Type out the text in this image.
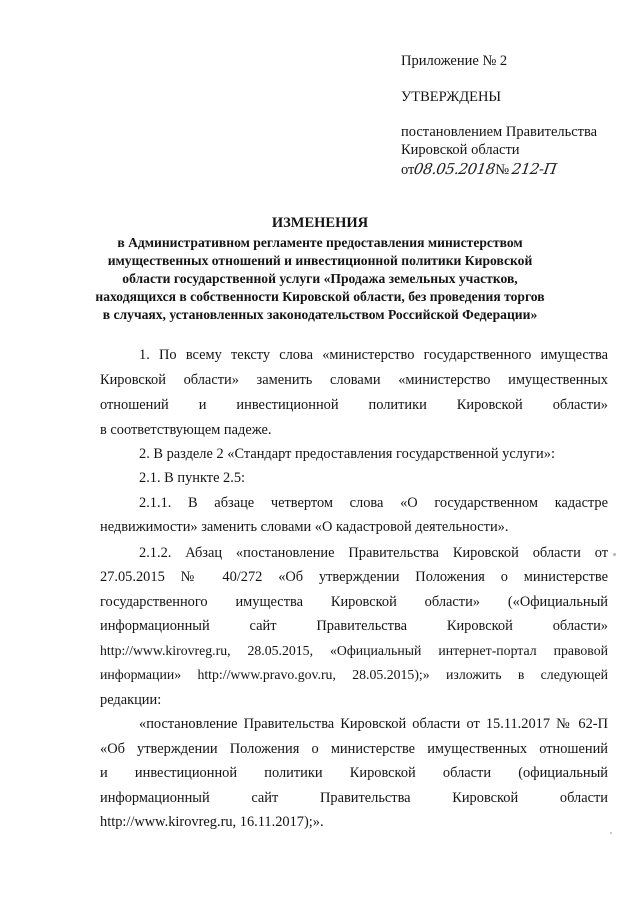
Приложение № 2
УТВЕРЖДЕНЫ
постановлением Правительства
Кировской области
от08.05.2018№ 212-П
ИЗМЕНЕНИЯ
в Административном регламенте предоставления министерством
имущественных отношений и инвестиционной политики Кировской
области государственной услуги «Продажа земельных участков,
находящихся в собственности Кировской области, без проведения торгов
в случаях, установленных законодательством Российской Федерации»
1. По всему тексту слова «министерство государственного имущества
Кировской области» заменить словами «министерство имущественных
отношений и инвестиционной политики Кировской области»
в соответствующем падеже.
2. В разделе 2 «Стандарт предоставления государственной услуги»:
2.1. В пункте 2.5:
2.1.1. В абзаце четвертом слова «О государственном кадастре
недвижимости» заменить словами «О кадастровой деятельности».
2.1.2. Абзац «постановление Правительства Кировской области от
27.05.2015 № 40/272 «Об утверждении Положения о министерстве
государственного имущества Кировской области» («Официальный
информационный сайт Правительства Кировской области»
http://www.kirovreg.ru, 28.05.2015, «Официальный интернет-портал правовой
информации» http://www.pravo.gov.ru, 28.05.2015);» изложить в следующей
редакции:
«постановление Правительства Кировской области от 15.11.2017 № 62-П
«Об утверждении Положения о министерстве имущественных отношений
и инвестиционной политики Кировской области (официальный
информационный сайт Правительства Кировской области
http://www.kirovreg.ru, 16.11.2017);».
